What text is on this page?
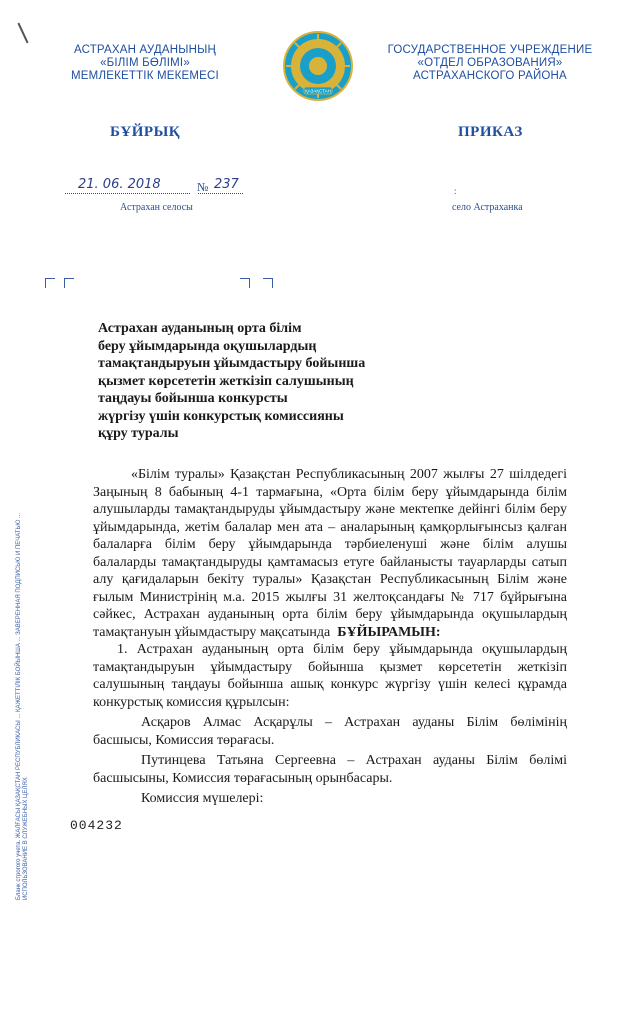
АСТРАХАН АУДАНЫНЫҢ
«БІЛІМ БӨЛІМІ»
МЕМЛЕКЕТТІК МЕКЕМЕСІ
ҚАЗАҚСТАН
ГОСУДАРСТВЕННОЕ УЧРЕЖДЕНИЕ
«ОТДЕЛ ОБРАЗОВАНИЯ»
АСТРАХАНСКОГО РАЙОНА
БҰЙРЫҚ	ПРИКАЗ
21. 06. 2018	№ 237	:
Астрахан селосы	село Астраханка
Астрахан ауданының орта білім
беру ұйымдарында оқушылардың
тамақтандыруын ұйымдастыру бойынша
қызмет көрсететін жеткізіп салушының
таңдауы бойынша конкурсты
жүргізу үшін конкурстық комиссияны
құру туралы

«Білім туралы» Қазақстан Республикасының 2007 жылғы 27 шілдедегі Заңының 8 бабының 4-1 тармағына, «Орта білім беру ұйымдарында білім алушыларды тамақтандыруды ұйымдастыру және мектепке дейінгі білім беру ұйымдарында, жетім балалар мен ата – аналарының қамқорлығынсыз қалған балаларға білім беру ұйымдарында тәрбиеленуші және білім алушы балаларды тамақтандыруды қамтамасыз етуге байланысты тауарларды сатып алу қағидаларын бекіту туралы» Қазақстан Республикасының Білім және ғылым Министрінің м.а. 2015 жылғы 31 желтоқсандағы № 717 бұйрығына сәйкес, Астрахан ауданының орта білім беру ұйымдарында оқушылардың тамақтануын ұйымдастыру мақсатында БҰЙЫРАМЫН:

1. Астрахан ауданының орта білім беру ұйымдарында оқушылардың тамақтандыруын ұйымдастыру бойынша қызмет көрсететін жеткізіп салушының таңдауы бойынша ашық конкурс жүргізу үшін келесі құрамда конкурстық комиссия құрылсын:

Асқаров Алмас Асқарұлы – Астрахан ауданы Білім бөлімінің басшысы, Комиссия төрағасы.

Путинцева Татьяна Сергеевна – Астрахан ауданы Білім бөлімі басшысыны, Комиссия төрағасының орынбасары.

Комиссия мүшелері:

004232
Бланк строгого учета. ЖАЛҒАСЫ ҚАЗАҚСТАН РЕСПУБЛИКАСЫ ... ҚАЖЕТТІЛІК БОЙЫНША ... ЗАВЕРЕННАЯ ПОДПИСЬЮ И ПЕЧАТЬЮ ... ИСПОЛЬЗОВАНИЕ В СЛУЖЕБНЫХ ЦЕЛЯХ
